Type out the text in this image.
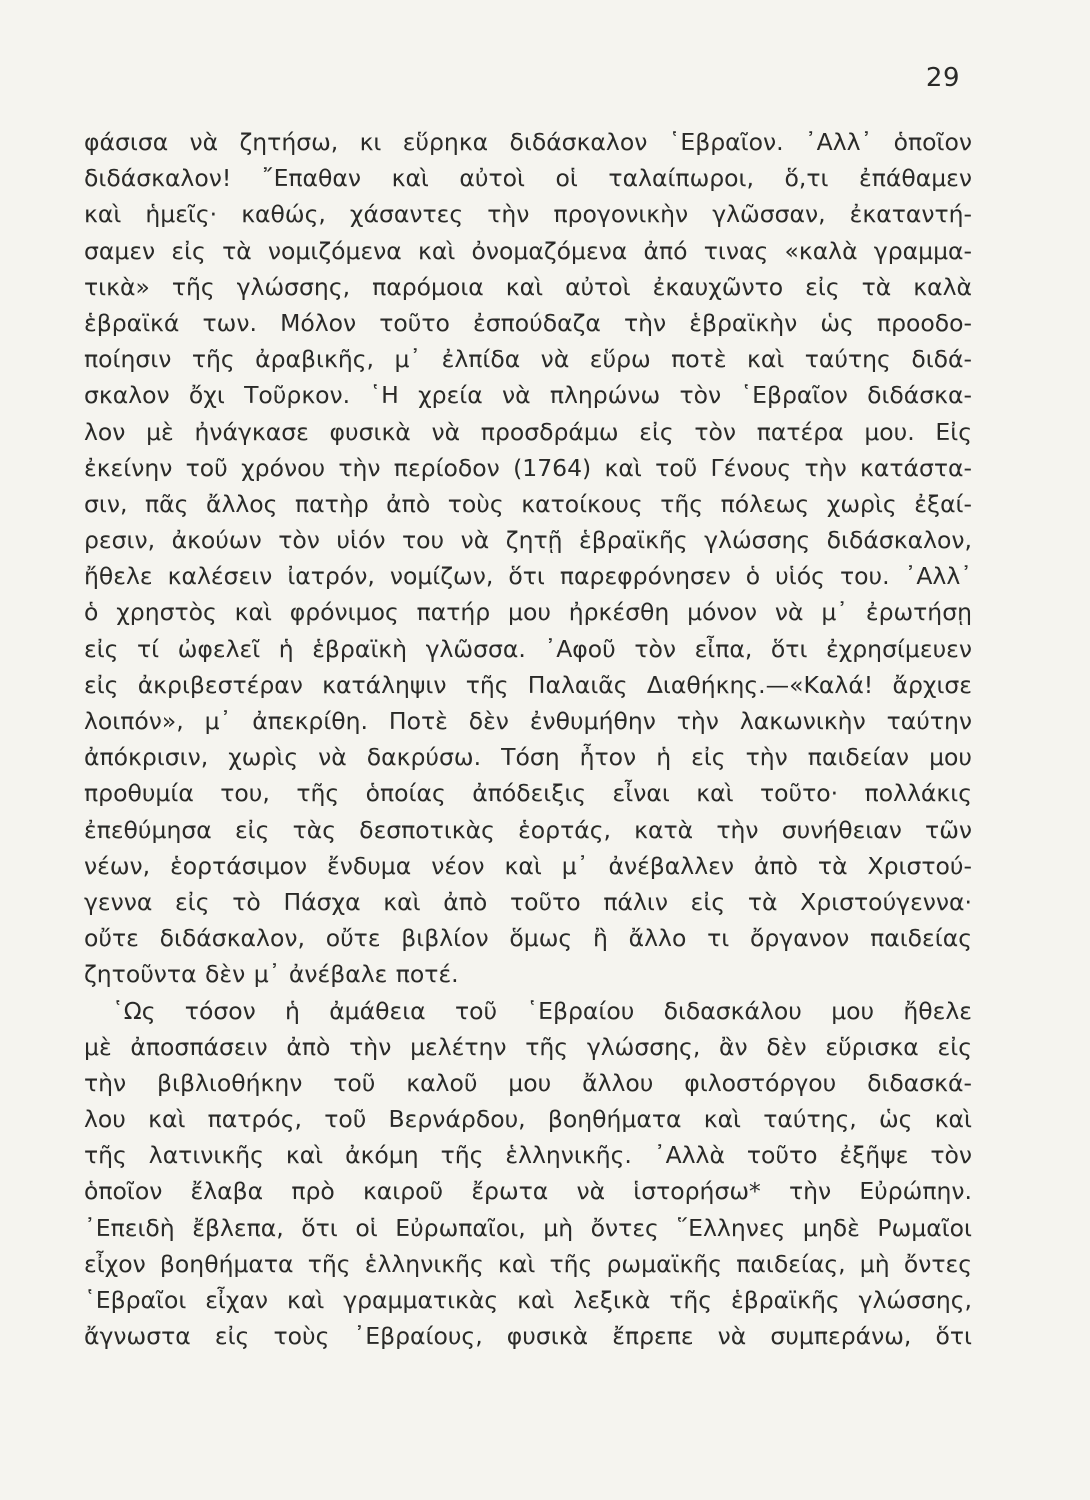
29
φάσισα νὰ ζητήσω, κι εὕρηκα διδάσκαλον ῾Εβραῖον. ᾿Αλλ᾽ ὁποῖον
διδάσκαλον! ῎Επαθαν καὶ αὐτοὶ οἱ ταλαίπωροι, ὅ,τι ἐπάθαμεν
καὶ ἡμεῖς· καθώς, χάσαντες τὴν προγονικὴν γλῶσσαν, ἐκαταντή-
σαμεν εἰς τὰ νομιζόμενα καὶ ὀνομαζόμενα ἀπό τινας «καλὰ γραμμα-
τικὰ» τῆς γλώσσης, παρόμοια καὶ αὐτοὶ ἐκαυχῶντο εἰς τὰ καλὰ
ἑβραϊκά των. Μόλον τοῦτο ἐσπούδαζα τὴν ἑβραϊκὴν ὡς προοδο-
ποίησιν τῆς ἀραβικῆς, μ᾽ ἐλπίδα νὰ εὕρω ποτὲ καὶ ταύτης διδά-
σκαλον ὄχι Τοῦρκον. ῾Η χρεία νὰ πληρώνω τὸν ῾Εβραῖον διδάσκα-
λον μὲ ἠνάγκασε φυσικὰ νὰ προσδράμω εἰς τὸν πατέρα μου. Εἰς
ἐκείνην τοῦ χρόνου τὴν περίοδον (1764) καὶ τοῦ Γένους τὴν κατάστα-
σιν, πᾶς ἄλλος πατὴρ ἀπὸ τοὺς κατοίκους τῆς πόλεως χωρὶς ἐξαί-
ρεσιν, ἀκούων τὸν υἱόν του νὰ ζητῇ ἑβραϊκῆς γλώσσης διδάσκαλον,
ἤθελε καλέσειν ἰατρόν, νομίζων, ὅτι παρεφρόνησεν ὁ υἱός του. ᾿Αλλ᾽
ὁ χρηστὸς καὶ φρόνιμος πατήρ μου ἠρκέσθη μόνον νὰ μ᾽ ἐρωτήσῃ
εἰς τί ὠφελεῖ ἡ ἑβραϊκὴ γλῶσσα. ᾿Αφοῦ τὸν εἶπα, ὅτι ἐχρησίμευεν
εἰς ἀκριβεστέραν κατάληψιν τῆς Παλαιᾶς Διαθήκης.—«Καλά! ἄρχισε
λοιπόν», μ᾽ ἀπεκρίθη. Ποτὲ δὲν ἐνθυμήθην τὴν λακωνικὴν ταύτην
ἀπόκρισιν, χωρὶς νὰ δακρύσω. Τόση ἦτον ἡ εἰς τὴν παιδείαν μου
προθυμία του, τῆς ὁποίας ἀπόδειξις εἶναι καὶ τοῦτο· πολλάκις
ἐπεθύμησα εἰς τὰς δεσποτικὰς ἑορτάς, κατὰ τὴν συνήθειαν τῶν
νέων, ἑορτάσιμον ἔνδυμα νέον καὶ μ᾽ ἀνέβαλλεν ἀπὸ τὰ Χριστού-
γεννα εἰς τὸ Πάσχα καὶ ἀπὸ τοῦτο πάλιν εἰς τὰ Χριστούγεννα·
οὔτε διδάσκαλον, οὔτε βιβλίον ὅμως ἢ ἄλλο τι ὄργανον παιδείας
ζητοῦντα δὲν μ᾽ ἀνέβαλε ποτέ.
῾Ως τόσον ἡ ἀμάθεια τοῦ ῾Εβραίου διδασκάλου μου ἤθελε
μὲ ἀποσπάσειν ἀπὸ τὴν μελέτην τῆς γλώσσης, ἂν δὲν εὕρισκα εἰς
τὴν βιβλιοθήκην τοῦ καλοῦ μου ἄλλου φιλοστόργου διδασκά-
λου καὶ πατρός, τοῦ Βερνάρδου, βοηθήματα καὶ ταύτης, ὡς καὶ
τῆς λατινικῆς καὶ ἀκόμη τῆς ἑλληνικῆς. ᾿Αλλὰ τοῦτο ἐξῆψε τὸν
ὁποῖον ἔλαβα πρὸ καιροῦ ἔρωτα νὰ ἱστορήσω* τὴν Εὐρώπην.
᾿Επειδὴ ἔβλεπα, ὅτι οἱ Εὐρωπαῖοι, μὴ ὄντες ῞Ελληνες μηδὲ Ρωμαῖοι
εἶχον βοηθήματα τῆς ἑλληνικῆς καὶ τῆς ρωμαϊκῆς παιδείας, μὴ ὄντες
῾Εβραῖοι εἶχαν καὶ γραμματικὰς καὶ λεξικὰ τῆς ἑβραϊκῆς γλώσσης,
ἄγνωστα εἰς τοὺς ᾿Εβραίους, φυσικὰ ἔπρεπε νὰ συμπεράνω, ὅτι
